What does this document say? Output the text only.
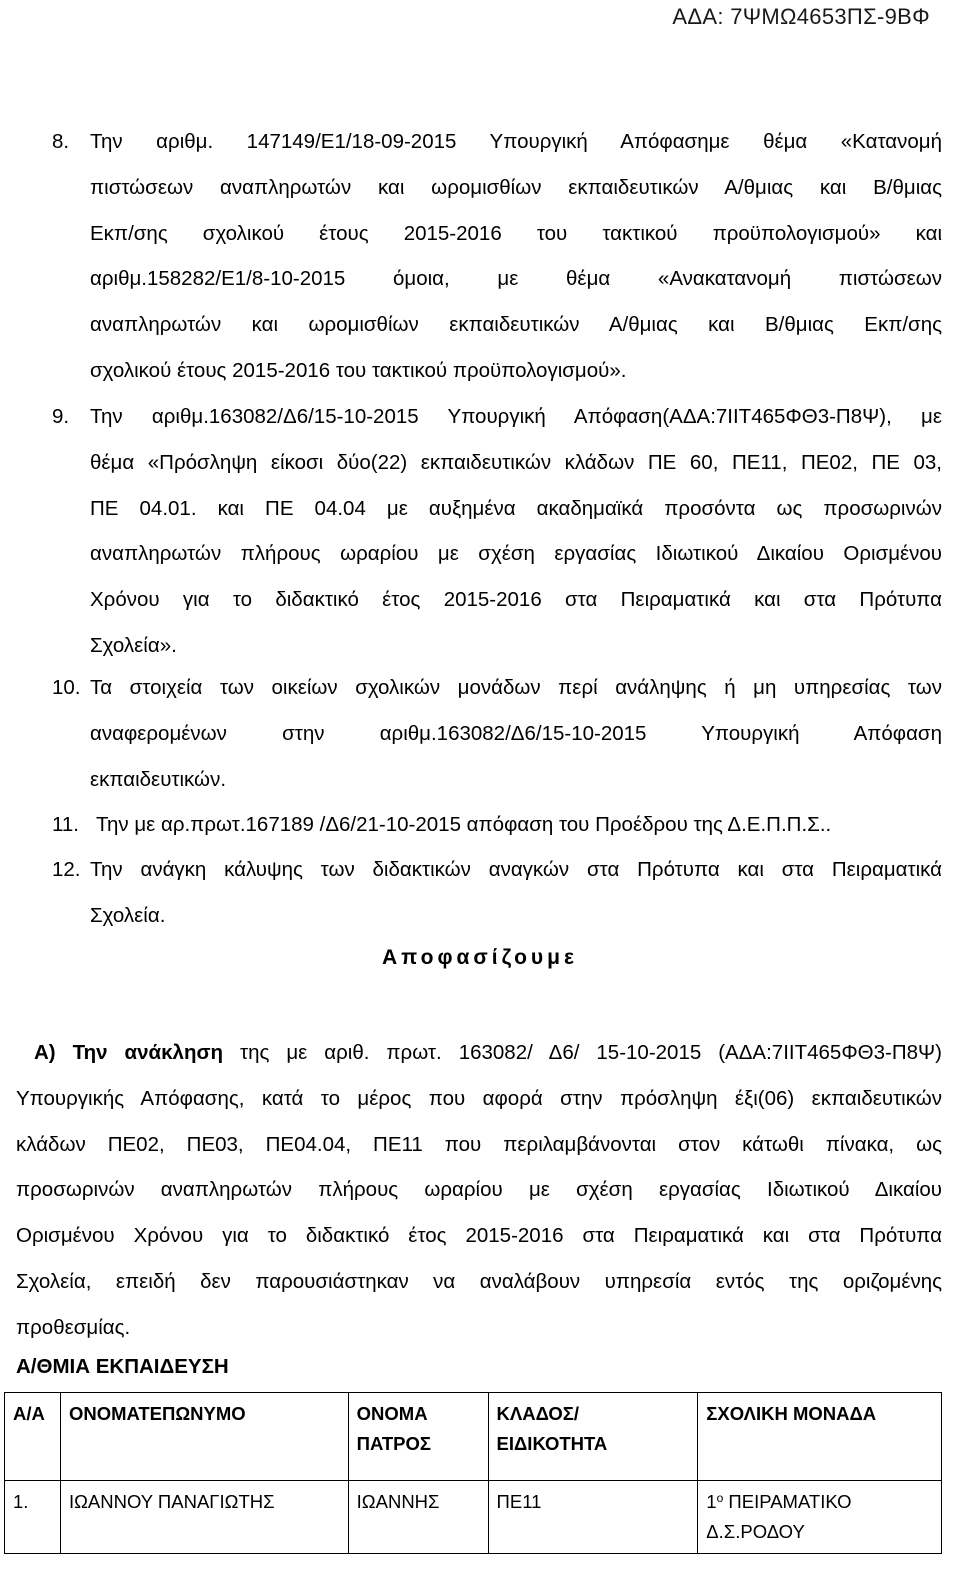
ΑΔΑ: 7ΨΜΩ4653ΠΣ-9ΒΦ
8. Την αριθμ. 147149/Ε1/18-09-2015 Υπουργική Απόφασημε θέμα «Κατανομή
πιστώσεων αναπληρωτών και ωρομισθίων εκπαιδευτικών Α/θμιας και Β/θμιας
Εκπ/σης σχολικού έτους 2015-2016 του τακτικού προϋπολογισμού» και
αριθμ.158282/Ε1/8-10-2015 όμοια, με θέμα «Ανακατανομή πιστώσεων
αναπληρωτών και ωρομισθίων εκπαιδευτικών Α/θμιας και Β/θμιας Εκπ/σης
σχολικού έτους 2015-2016 του τακτικού προϋπολογισμού».
9. Την αριθμ.163082/Δ6/15-10-2015 Υπουργική Απόφαση(ΑΔΑ:7ΙΙΤ465ΦΘ3-Π8Ψ), με
θέμα «Πρόσληψη είκοσι δύο(22) εκπαιδευτικών κλάδων ΠΕ 60, ΠΕ11, ΠΕ02, ΠΕ 03,
ΠΕ 04.01. και ΠΕ 04.04 με αυξημένα ακαδημαϊκά προσόντα ως προσωρινών
αναπληρωτών πλήρους ωραρίου με σχέση εργασίας Ιδιωτικού Δικαίου Ορισμένου
Χρόνου για το διδακτικό έτος 2015-2016 στα Πειραματικά και στα Πρότυπα
Σχολεία».
10. Τα στοιχεία των οικείων σχολικών μονάδων περί ανάληψης ή μη υπηρεσίας των
αναφερομένων στην αριθμ.163082/Δ6/15-10-2015 Υπουργική Απόφαση
εκπαιδευτικών.
11. Την με αρ.πρωτ.167189 /Δ6/21-10-2015 απόφαση του Προέδρου της Δ.Ε.Π.Π.Σ..
12. Την ανάγκη κάλυψης των διδακτικών αναγκών στα Πρότυπα και στα Πειραματικά
Σχολεία.
Αποφασίζουμε
Α) Την ανάκληση της με αριθ. πρωτ. 163082/ Δ6/ 15-10-2015 (ΑΔΑ:7ΙΙΤ465ΦΘ3-Π8Ψ)
Υπουργικής Απόφασης, κατά το μέρος που αφορά στην πρόσληψη έξι(06) εκπαιδευτικών
κλάδων ΠΕ02, ΠΕ03, ΠΕ04.04, ΠΕ11 που περιλαμβάνονται στον κάτωθι πίνακα, ως
προσωρινών αναπληρωτών πλήρους ωραρίου με σχέση εργασίας Ιδιωτικού Δικαίου
Ορισμένου Χρόνου για το διδακτικό έτος 2015-2016 στα Πειραματικά και στα Πρότυπα
Σχολεία, επειδή δεν παρουσιάστηκαν να αναλάβουν υπηρεσία εντός της οριζομένης
προθεσμίας.
Α/ΘΜΙΑ ΕΚΠΑΙΔΕΥΣΗ
Α/Α	ΟΝΟΜΑΤΕΠΩΝΥΜΟ	ΟΝΟΜΑ
ΠΑΤΡΟΣ	ΚΛΑΔΟΣ/ΕΙΔΙΚΟΤΗΤΑ	ΣΧΟΛΙΚΗ ΜΟΝΑΔΑ
1.	ΙΩΑΝΝΟΥ ΠΑΝΑΓΙΩΤΗΣ	ΙΩΑΝΝΗΣ	ΠΕ11	$1^o$ ΠΕΙΡΑΜΑΤΙΚΟ
Δ.Σ.ΡΟΔΟΥ
